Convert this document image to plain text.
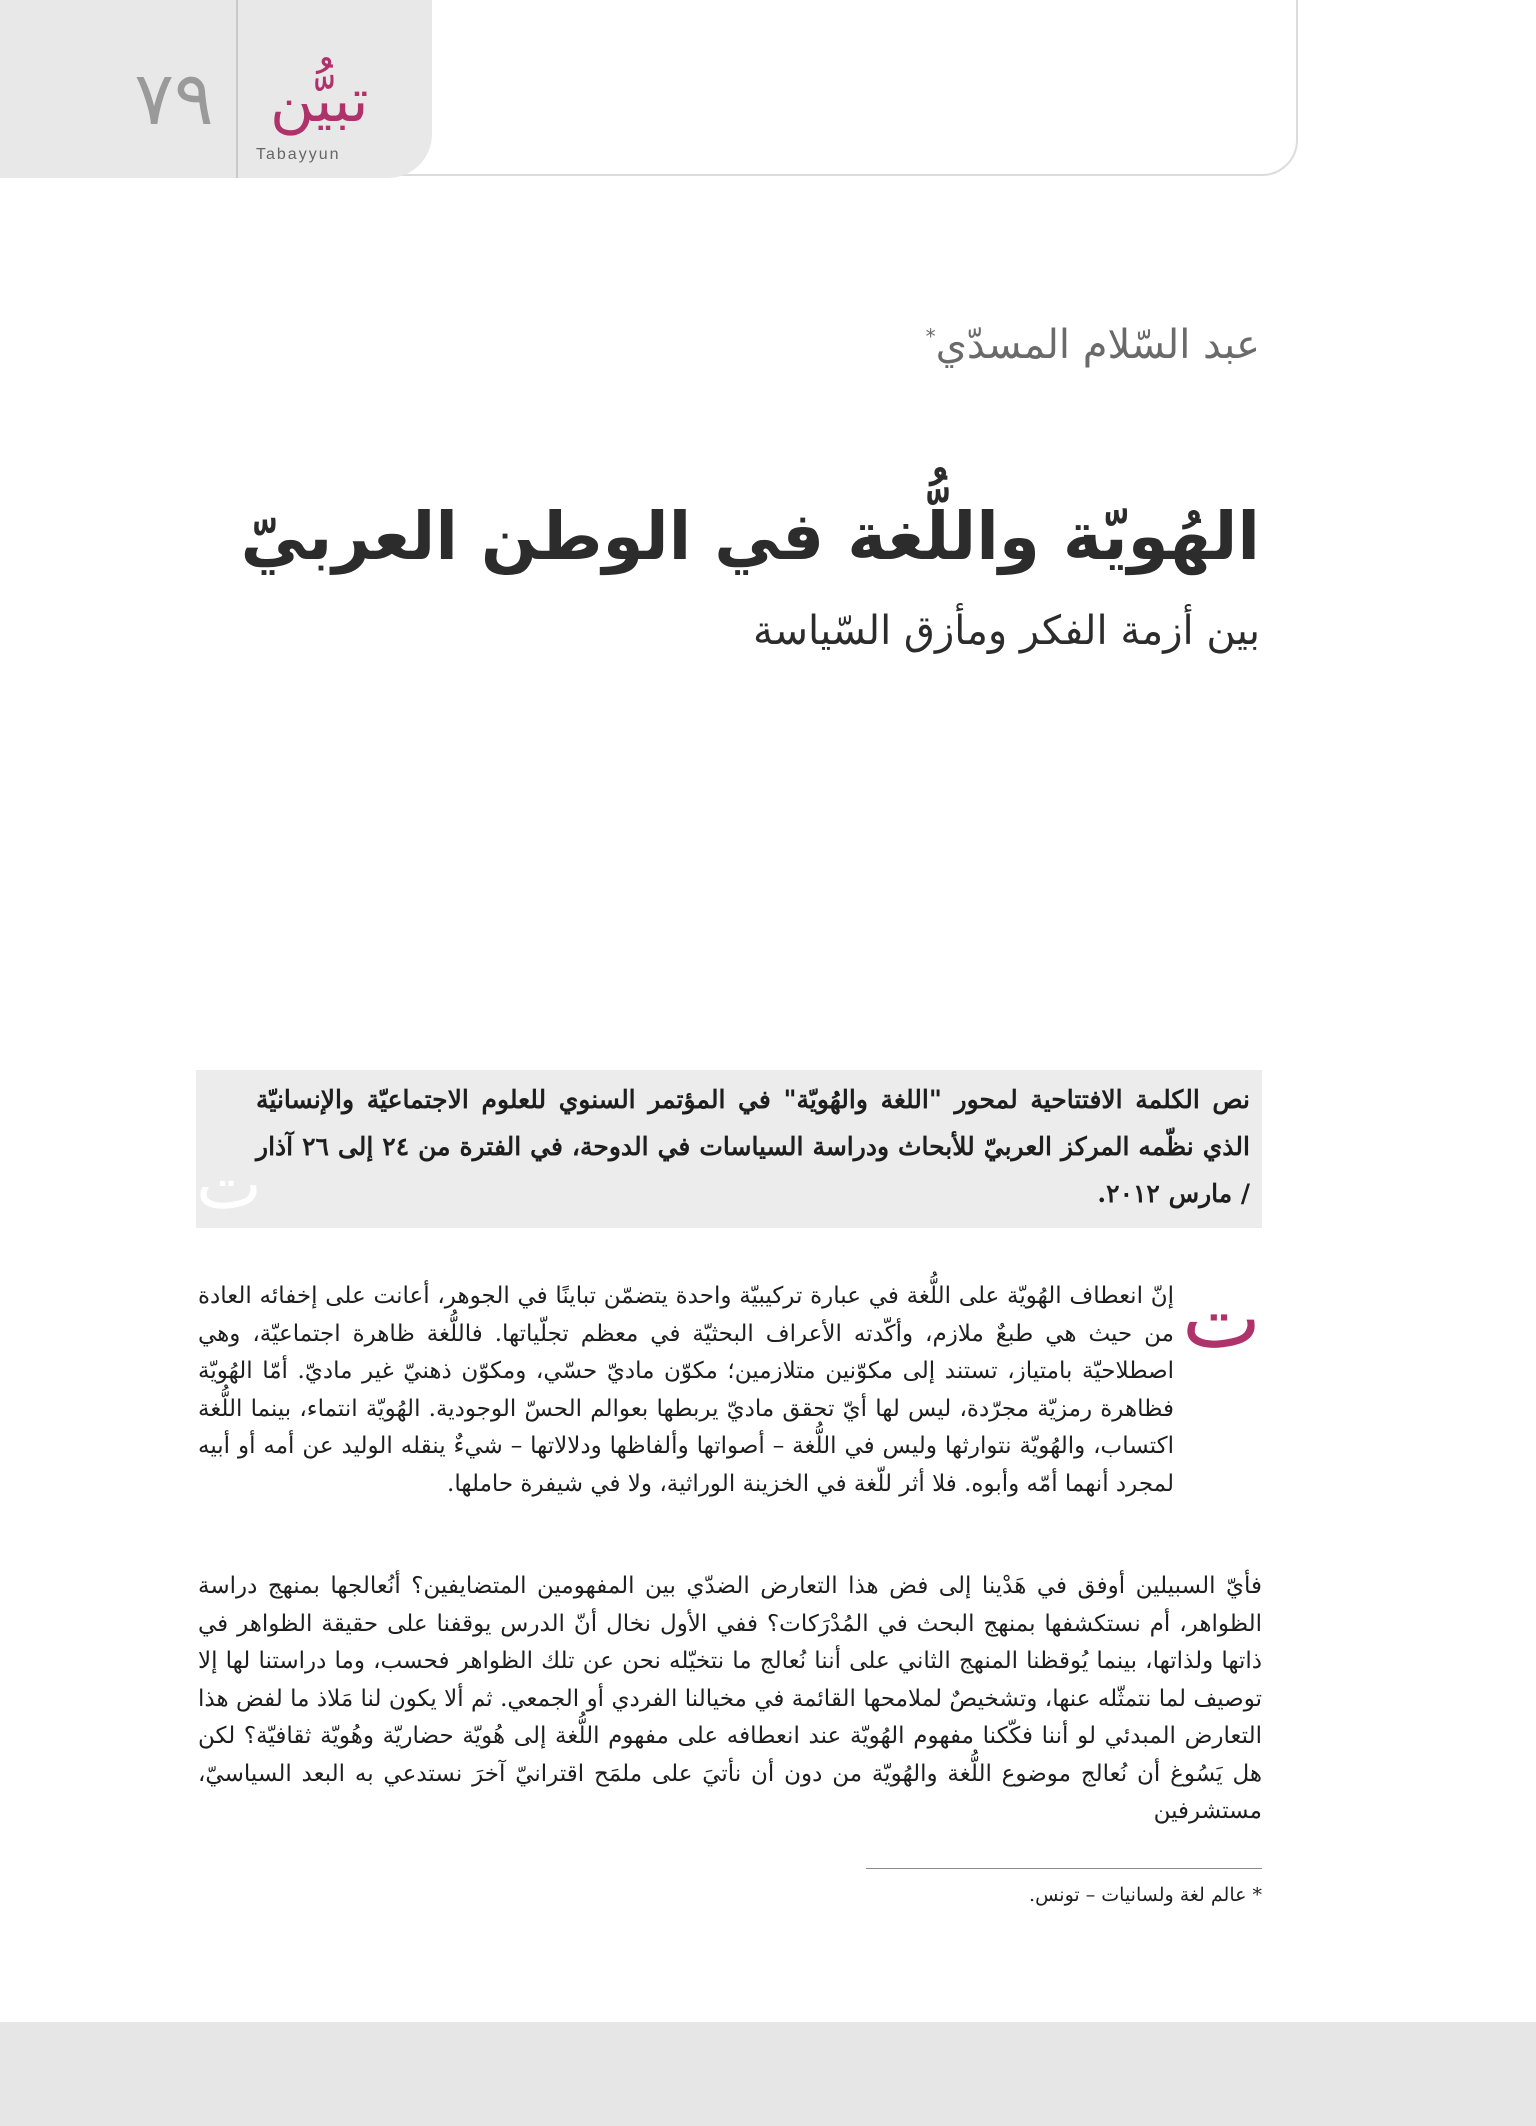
٧٩ تبيُّن
Tabayyun
عبد السّلام المسدّي*
الهُويّة واللُّغة في الوطن العربيّ
بين أزمة الفكر ومأزق السّياسة
ت
نص الكلمة الافتتاحية لمحور "اللغة والهُويّة" في المؤتمر السنوي للعلوم الاجتماعيّة والإنسانيّة الذي نظّمه المركز العربيّ للأبحاث ودراسة السياسات في الدوحة، في الفترة من ٢٤ إلى ٢٦ آذار / مارس ٢٠١٢.
ت
إنّ انعطاف الهُويّة على اللُّغة في عبارة تركيبيّة واحدة يتضمّن تباينًا في الجوهر، أعانت على إخفائه العادة من حيث هي طبعٌ ملازم، وأكّدته الأعراف البحثيّة في معظم تجلّياتها. فاللُّغة ظاهرة اجتماعيّة، وهي اصطلاحيّة بامتياز، تستند إلى مكوّنين متلازمين؛ مكوّن ماديّ حسّي، ومكوّن ذهنيّ غير ماديّ. أمّا الهُويّة فظاهرة رمزيّة مجرّدة، ليس لها أيّ تحقق ماديّ يربطها بعوالم الحسّ الوجودية. الهُويّة انتماء، بينما اللُّغة اكتساب، والهُويّة نتوارثها وليس في اللُّغة – أصواتها وألفاظها ودلالاتها – شيءٌ ينقله الوليد عن أمه أو أبيه لمجرد أنهما أمّه وأبوه. فلا أثر للّغة في الخزينة الوراثية، ولا في شيفرة حاملها.
فأيّ السبيلين أوفق في هَدْينا إلى فض هذا التعارض الضدّي بين المفهومين المتضايفين؟ أنُعالجها بمنهج دراسة الظواهر، أم نستكشفها بمنهج البحث في المُدْرَكات؟ ففي الأول نخال أنّ الدرس يوقفنا على حقيقة الظواهر في ذاتها ولذاتها، بينما يُوقظنا المنهج الثاني على أننا نُعالج ما نتخيّله نحن عن تلك الظواهر فحسب، وما دراستنا لها إلا توصيف لما نتمثّله عنها، وتشخيصٌ لملامحها القائمة في مخيالنا الفردي أو الجمعي. ثم ألا يكون لنا مَلاذ ما لفض هذا التعارض المبدئي لو أننا فكّكنا مفهوم الهُويّة عند انعطافه على مفهوم اللُّغة إلى هُويّة حضاريّة وهُويّة ثقافيّة؟ لكن هل يَسُوغ أن نُعالج موضوع اللُّغة والهُويّة من دون أن نأتيَ على ملمَح اقترانيّ آخرَ نستدعي به البعد السياسيّ، مستشرفين
* عالم لغة ولسانيات – تونس.
